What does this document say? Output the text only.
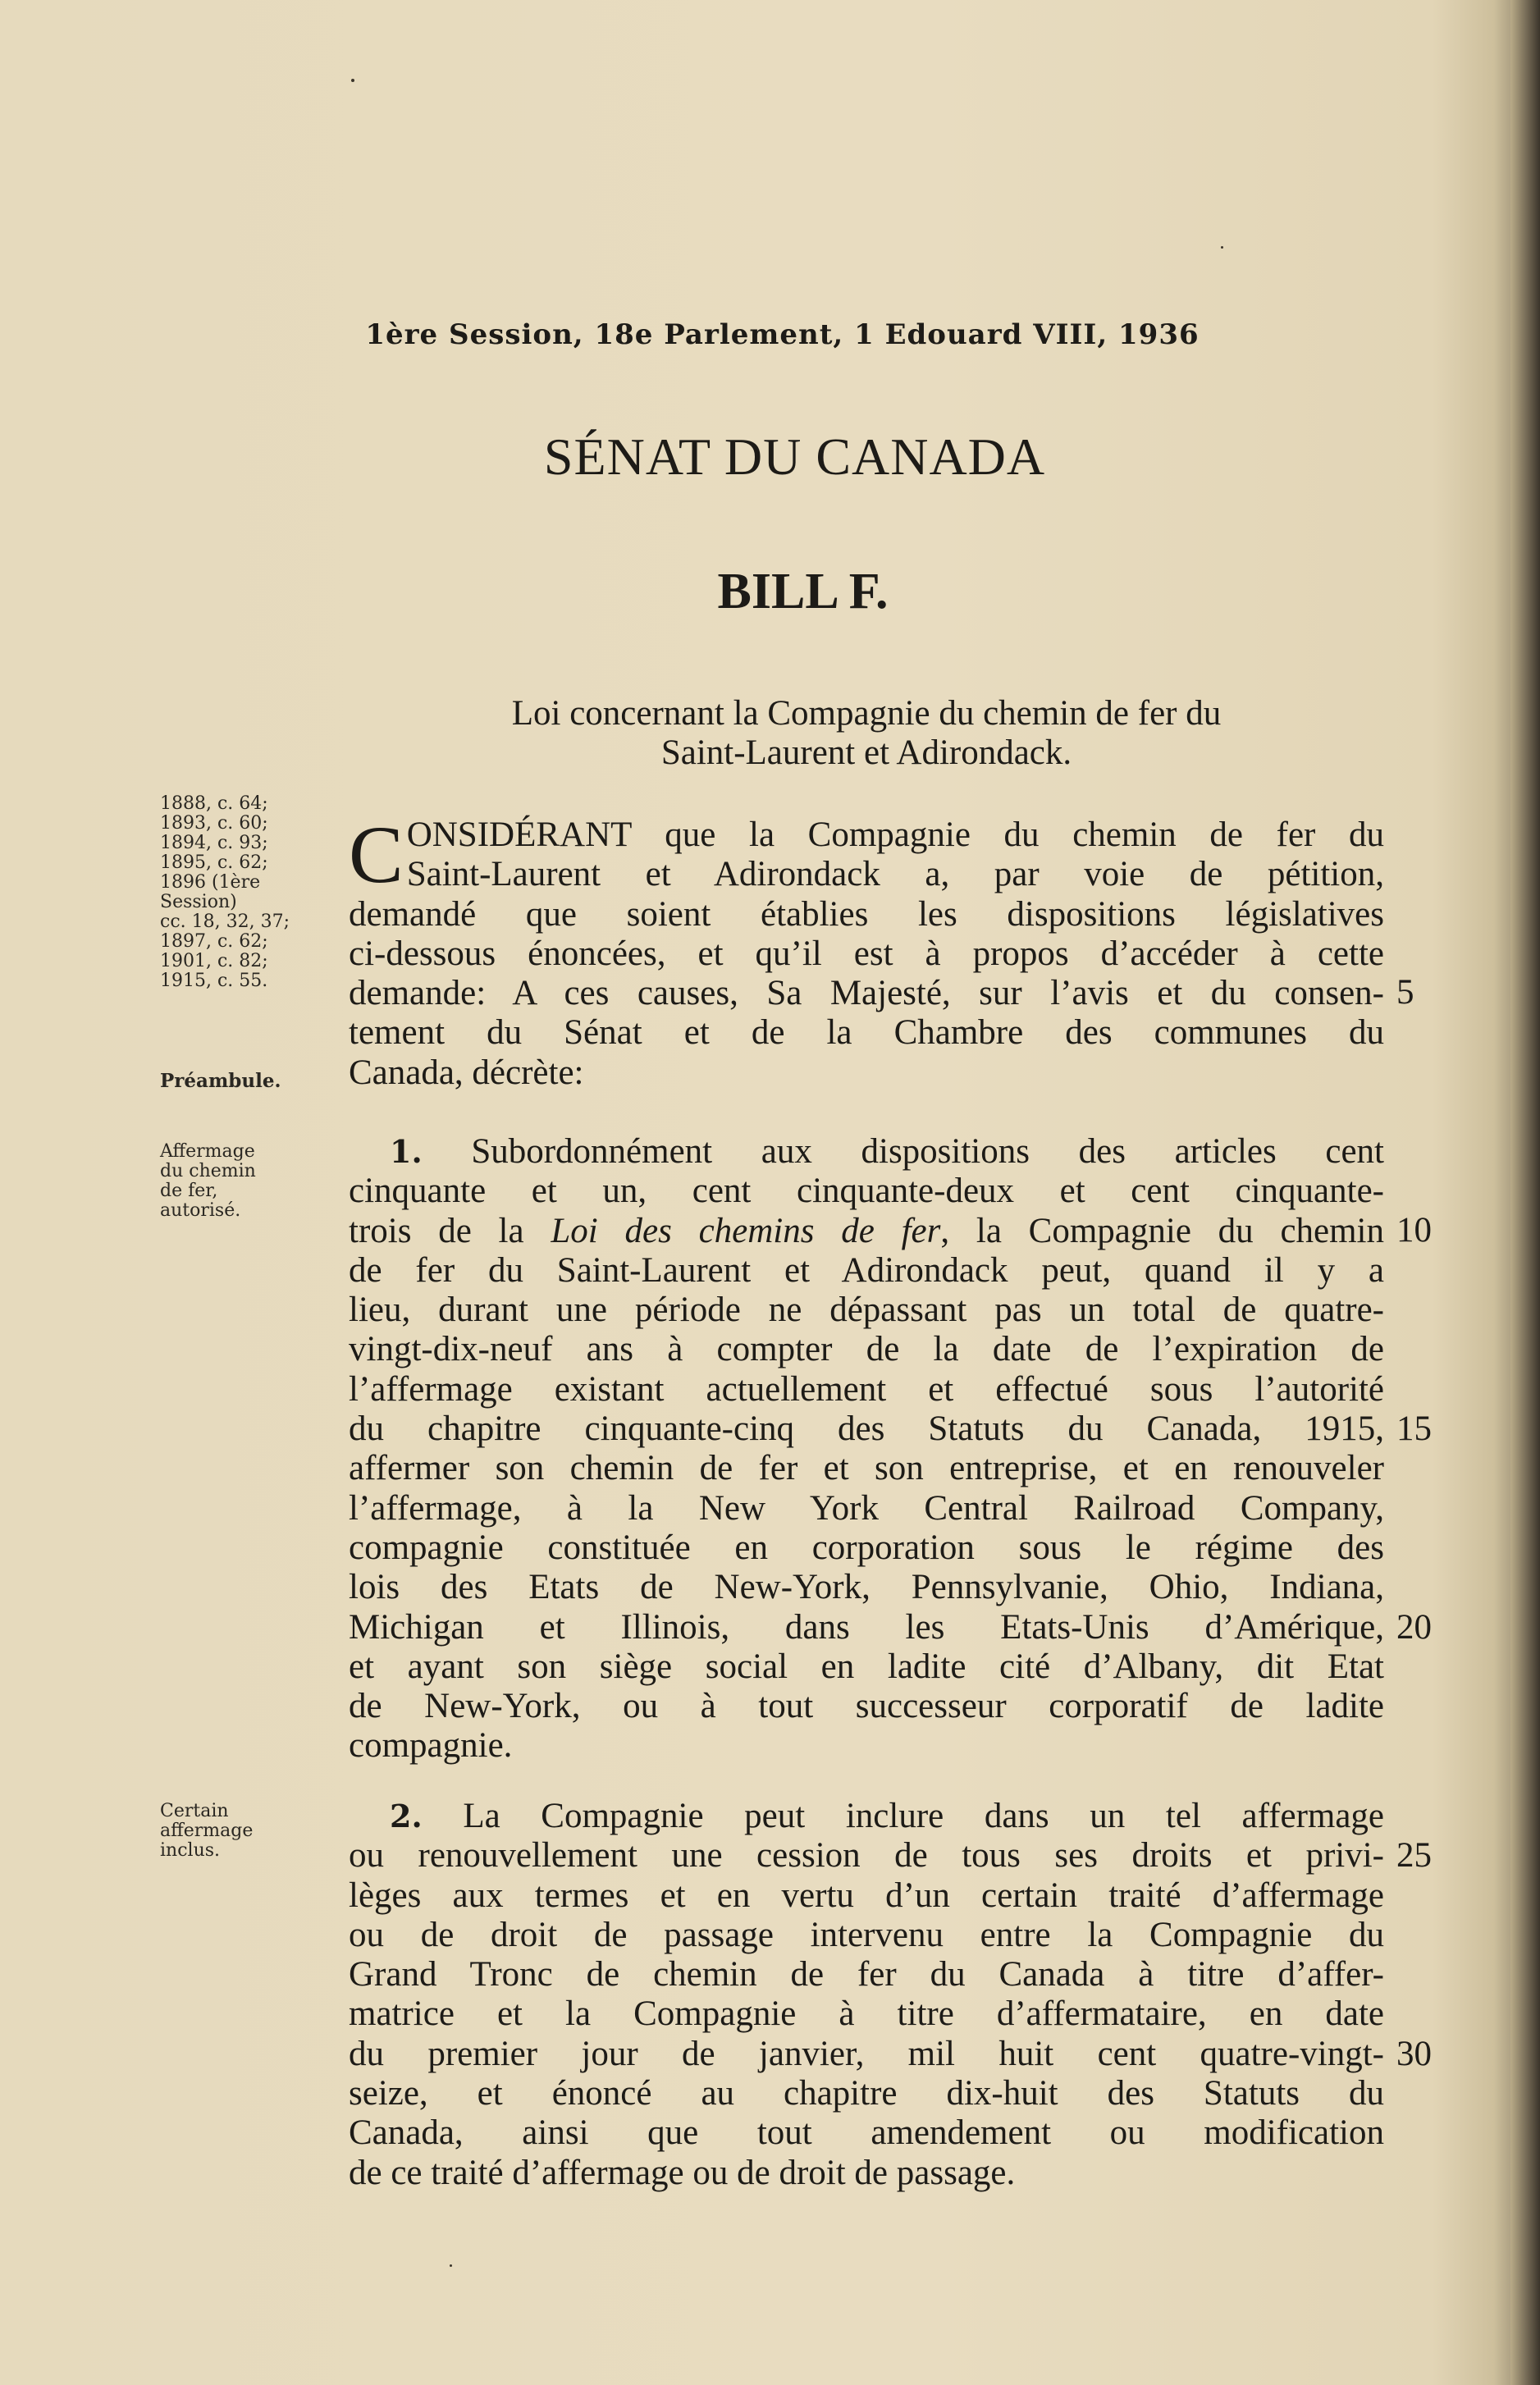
1ère Session, 18e Parlement, 1 Edouard VIII, 1936
SÉNAT DU CANADA
BILL F.
Loi concernant la Compagnie du chemin de fer du
Saint-Laurent et Adirondack.
1888, c. 64;
1893, c. 60;
1894, c. 93;
1895, c. 62;
1896 (1ère
Session)
cc. 18, 32, 37;
1897, c. 62;
1901, c. 82;
1915, c. 55.
Préambule.
Affermage
du chemin
de fer,
autorisé.
Certain
affermage
inclus.
C ONSIDÉRANT que la Compagnie du chemin de fer du
Saint-Laurent et Adirondack a, par voie de pétition,
demandé que soient établies les dispositions législatives
ci-dessous énoncées, et qu’il est à propos d’accéder à cette
demande: A ces causes, Sa Majesté, sur l’avis et du consen-
tement du Sénat et de la Chambre des communes du
Canada, décrète:
1. Subordonnément aux dispositions des articles cent
cinquante et un, cent cinquante-deux et cent cinquante-
trois de la Loi des chemins de fer, la Compagnie du chemin
de fer du Saint-Laurent et Adirondack peut, quand il y a
lieu, durant une période ne dépassant pas un total de quatre-
vingt-dix-neuf ans à compter de la date de l’expiration de
l’affermage existant actuellement et effectué sous l’autorité
du chapitre cinquante-cinq des Statuts du Canada, 1915,
affermer son chemin de fer et son entreprise, et en renouveler
l’affermage, à la New York Central Railroad Company,
compagnie constituée en corporation sous le régime des
lois des Etats de New-York, Pennsylvanie, Ohio, Indiana,
Michigan et Illinois, dans les Etats-Unis d’Amérique,
et ayant son siège social en ladite cité d’Albany, dit Etat
de New-York, ou à tout successeur corporatif de ladite
compagnie.
2. La Compagnie peut inclure dans un tel affermage
ou renouvellement une cession de tous ses droits et privi-
lèges aux termes et en vertu d’un certain traité d’affermage
ou de droit de passage intervenu entre la Compagnie du
Grand Tronc de chemin de fer du Canada à titre d’affer-
matrice et la Compagnie à titre d’affermataire, en date
du premier jour de janvier, mil huit cent quatre-vingt-
seize, et énoncé au chapitre dix-huit des Statuts du
Canada, ainsi que tout amendement ou modification
de ce traité d’affermage ou de droit de passage.
5
10
15
20
25
30
